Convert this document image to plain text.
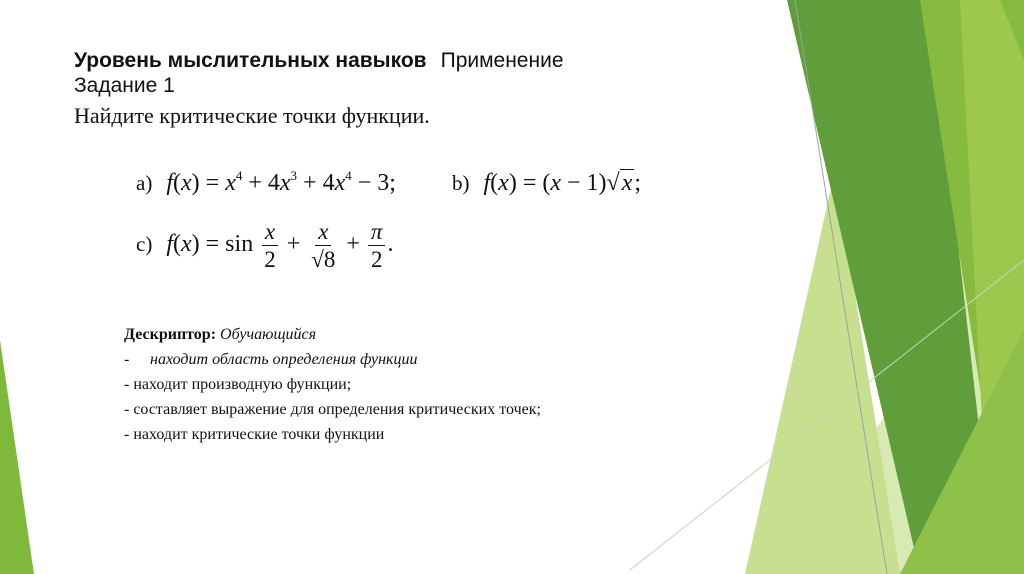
Уровень мыслительных навыков Применение
Задание 1
Найдите критические точки функции.
a) $f(x) = x^4 + 4x^3 + 4x^4 - 3$;	b) f(x) = (x − 1)√x;
c) $f(x) = \sin \frac{x}{2} + \frac{x}{√8} + \frac{\pi}{2}$ .
Дескриптор: Обучающийся
- находит область определения функции
- находит производную функции;
- составляет выражение для определения критических точек;
- находит критические точки функции
